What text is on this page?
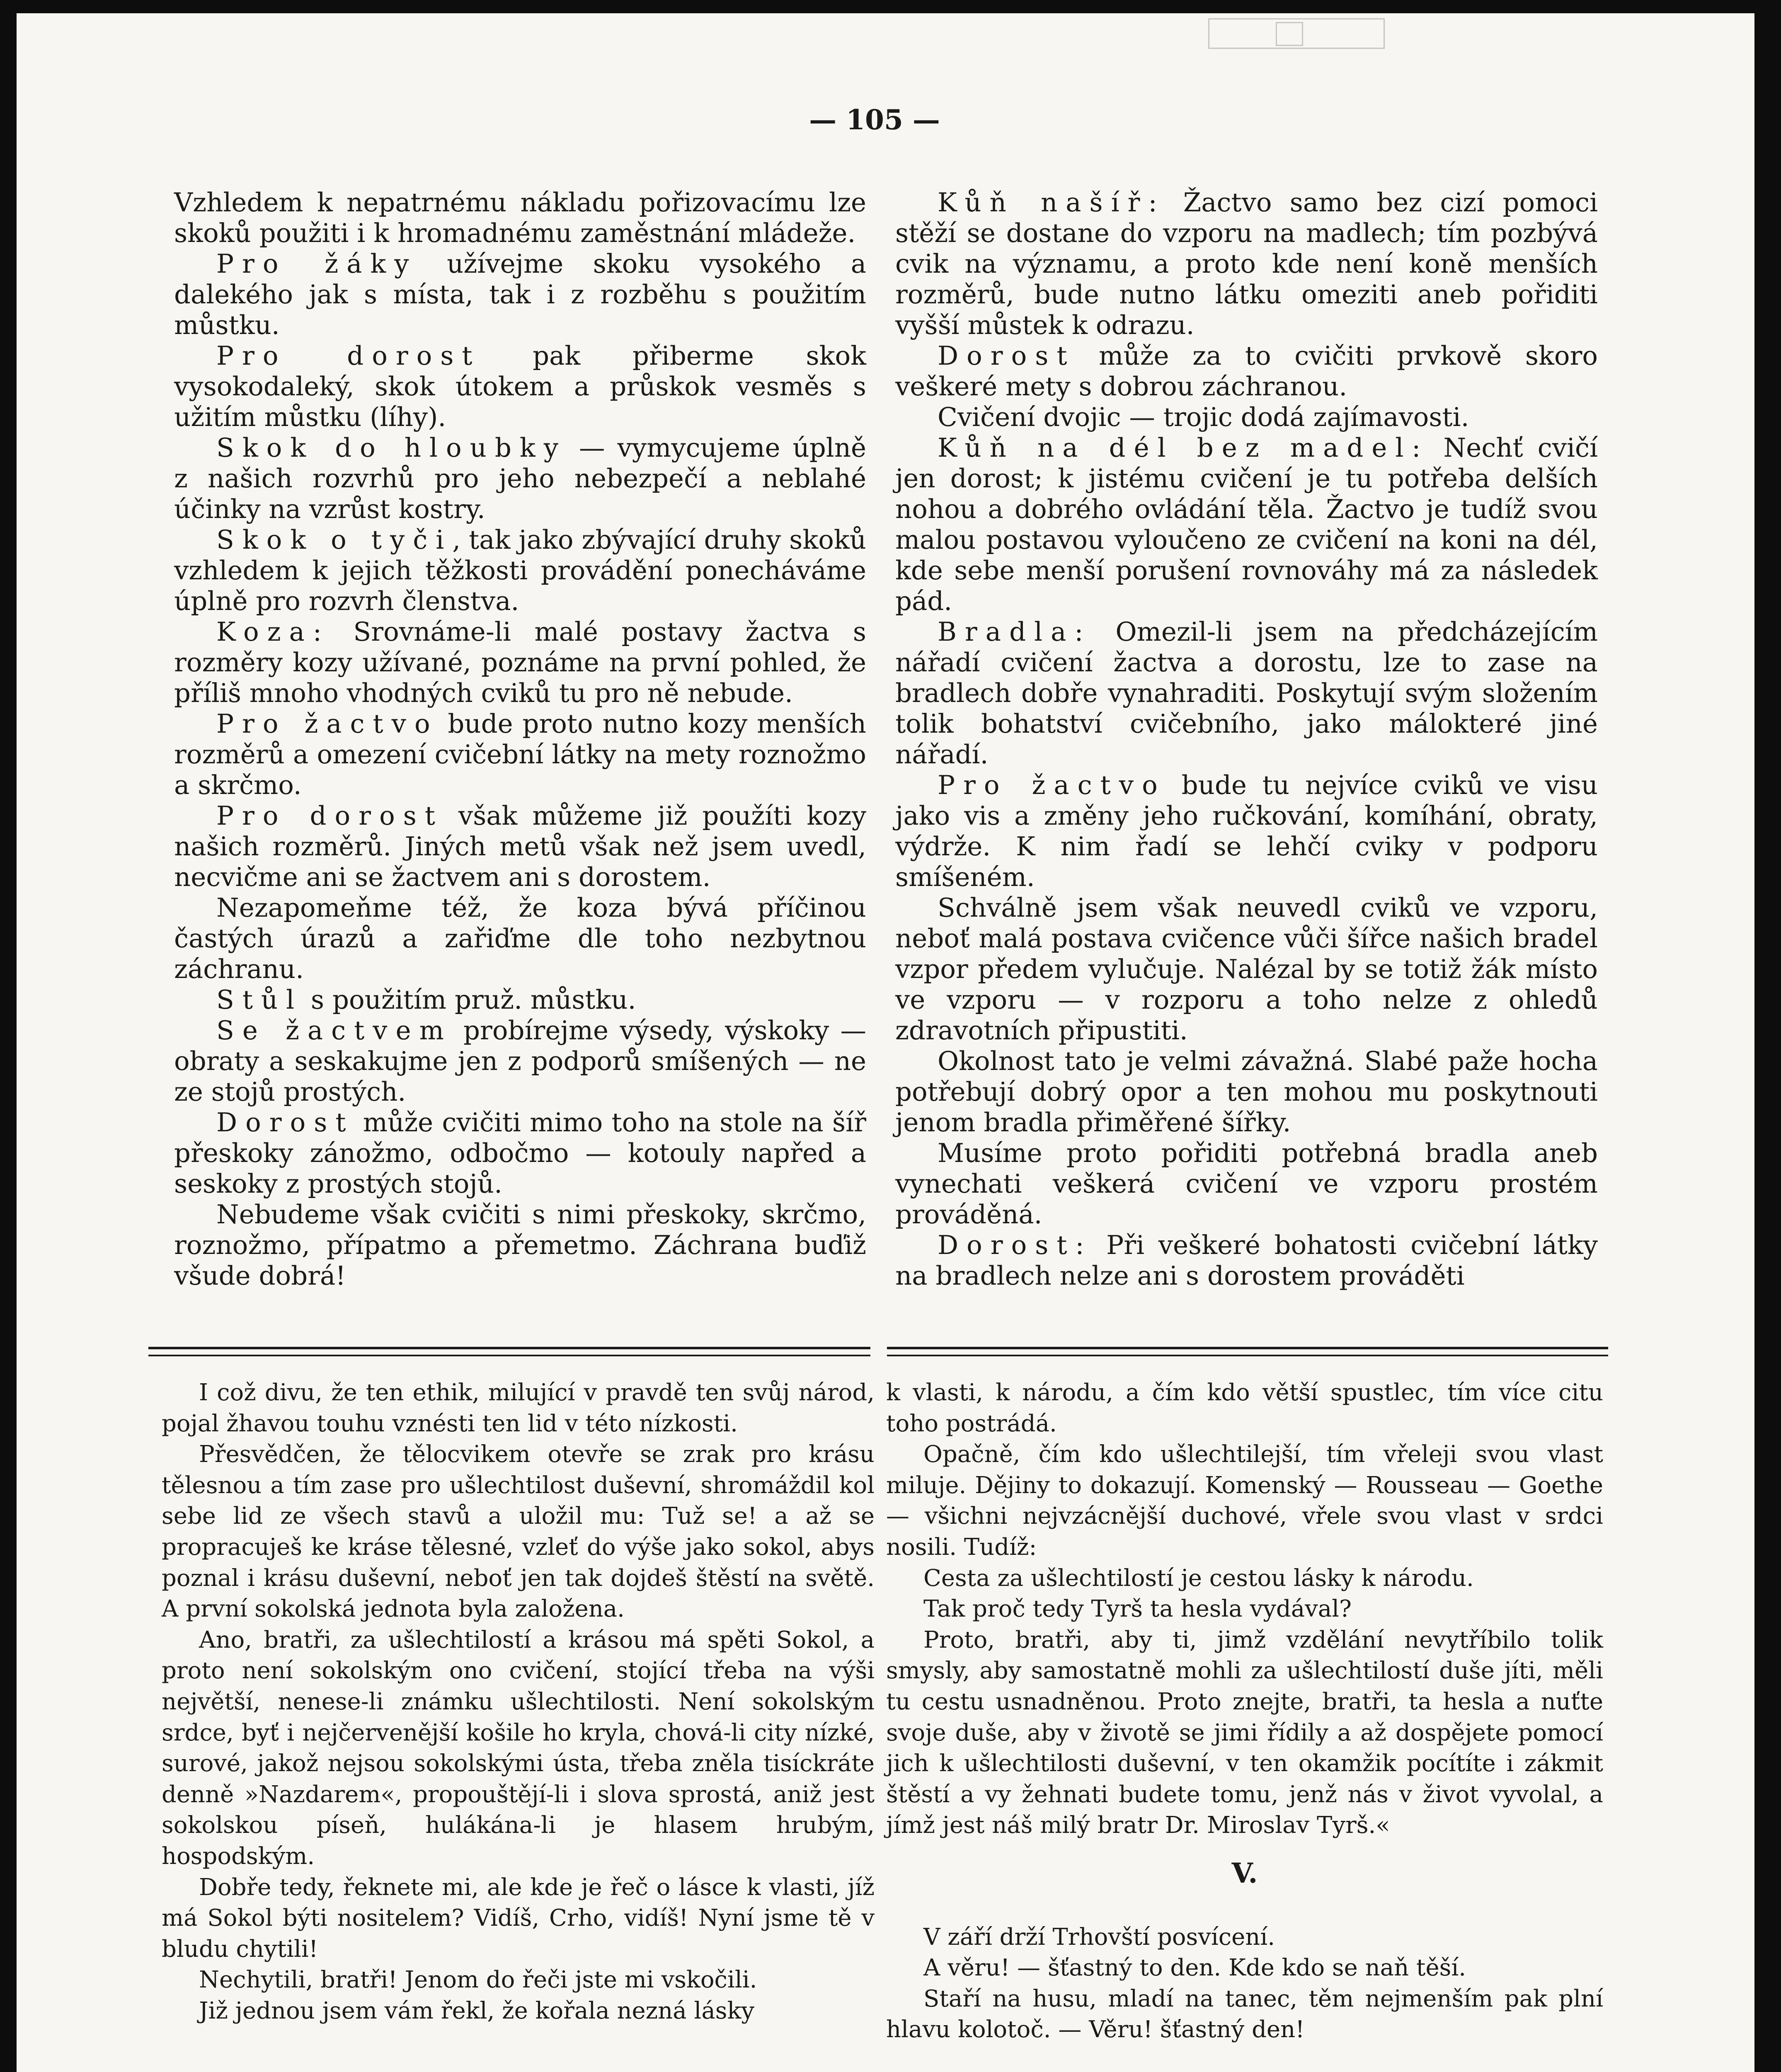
— 105 —

Vzhledem k nepatrnému nákladu pořizovacímu lze skoků použiti i k hromadnému zaměstnání mládeže.

Pro žáky užívejme skoku vysokého a dalekého jak s místa, tak i z rozběhu s použitím můstku.

Pro dorost pak přiberme skok vysokodaleký, skok útokem a průskok vesměs s užitím můstku (líhy).

Skok do hloubky — vymycujeme úplně z našich rozvrhů pro jeho nebezpečí a neblahé účinky na vzrůst kostry.

Skok o tyči, tak jako zbývající druhy skoků vzhledem k jejich těžkosti provádění ponecháváme úplně pro rozvrh členstva.

Koza: Srovnáme-li malé postavy žactva s rozměry kozy užívané, poznáme na první pohled, že příliš mnoho vhodných cviků tu pro ně nebude.

Pro žactvo bude proto nutno kozy menších rozměrů a omezení cvičební látky na mety roznožmo a skrčmo.

Pro dorost však můžeme již použíti kozy našich rozměrů. Jiných metů však než jsem uvedl, necvičme ani se žactvem ani s dorostem.

Nezapomeňme též, že koza bývá příčinou častých úrazů a zařiďme dle toho nezbytnou záchranu.

Stůl s použitím pruž. můstku.

Se žactvem probírejme výsedy, výskoky — obraty a seskakujme jen z podporů smíšených — ne ze stojů prostých.

Dorost může cvičiti mimo toho na stole na šíř přeskoky zánožmo, odbočmo — kotouly napřed a seskoky z prostých stojů.

Nebudeme však cvičiti s nimi přeskoky, skrčmo, roznožmo, přípatmo a přemetmo. Záchrana buďiž všude dobrá!

Kůň našíř: Žactvo samo bez cizí pomoci stěží se dostane do vzporu na madlech; tím pozbývá cvik na významu, a proto kde není koně menších rozměrů, bude nutno látku omeziti aneb pořiditi vyšší můstek k odrazu.

Dorost může za to cvičiti prvkově skoro veškeré mety s dobrou záchranou.

Cvičení dvojic — trojic dodá zajímavosti.

Kůň na dél bez madel: Nechť cvičí jen dorost; k jistému cvičení je tu potřeba delších nohou a dobrého ovládání těla. Žactvo je tudíž svou malou postavou vyloučeno ze cvičení na koni na dél, kde sebe menší porušení rovnováhy má za následek pád.

Bradla: Omezil-li jsem na předcházejícím nářadí cvičení žactva a dorostu, lze to zase na bradlech dobře vynahraditi. Poskytují svým složením tolik bohatství cvičebního, jako málokteré jiné nářadí.

Pro žactvo bude tu nejvíce cviků ve visu jako vis a změny jeho ručkování, komíhání, obraty, výdrže. K nim řadí se lehčí cviky v podporu smíšeném.

Schválně jsem však neuvedl cviků ve vzporu, neboť malá postava cvičence vůči šířce našich bradel vzpor předem vylučuje. Nalézal by se totiž žák místo ve vzporu — v rozporu a toho nelze z ohledů zdravotních připustiti.

Okolnost tato je velmi závažná. Slabé paže hocha potřebují dobrý opor a ten mohou mu poskytnouti jenom bradla přiměřené šířky.

Musíme proto pořiditi potřebná bradla aneb vynechati veškerá cvičení ve vzporu prostém prováděná.

Dorost: Při veškeré bohatosti cvičební látky na bradlech nelze ani s dorostem prováděti

I což divu, že ten ethik, milující v pravdě ten svůj národ, pojal žhavou touhu vznésti ten lid v této nízkosti.

Přesvědčen, že tělocvikem otevře se zrak pro krásu tělesnou a tím zase pro ušlechtilost duševní, shromáždil kol sebe lid ze všech stavů a uložil mu: Tuž se! a až se propracuješ ke kráse tělesné, vzleť do výše jako sokol, abys poznal i krásu duševní, neboť jen tak dojdeš štěstí na světě. A první sokolská jednota byla založena.

Ano, bratři, za ušlechtilostí a krásou má spěti Sokol, a proto není sokolským ono cvičení, stojící třeba na výši největší, nenese-li známku ušlechtilosti. Není sokolským srdce, byť i nejčervenější košile ho kryla, chová-li city nízké, surové, jakož nejsou sokolskými ústa, třeba zněla tisíckráte denně »Nazdarem«, propouštějí-li i slova sprostá, aniž jest sokolskou píseň, hulákána-li je hlasem hrubým, hospodským.

Dobře tedy, řeknete mi, ale kde je řeč o lásce k vlasti, jíž má Sokol býti nositelem? Vidíš, Crho, vidíš! Nyní jsme tě v bludu chytili!

Nechytili, bratři! Jenom do řeči jste mi vskočili.

Již jednou jsem vám řekl, že kořala nezná lásky

k vlasti, k národu, a čím kdo větší spustlec, tím více citu toho postrádá.

Opačně, čím kdo ušlechtilejší, tím vřeleji svou vlast miluje. Dějiny to dokazují. Komenský — Rousseau — Goethe — všichni nejvzácnější duchové, vřele svou vlast v srdci nosili. Tudíž:

Cesta za ušlechtilostí je cestou lásky k národu.

Tak proč tedy Tyrš ta hesla vydával?

Proto, bratři, aby ti, jimž vzdělání nevytříbilo tolik smysly, aby samostatně mohli za ušlechtilostí duše jíti, měli tu cestu usnadněnou. Proto znejte, bratři, ta hesla a nuťte svoje duše, aby v životě se jimi řídily a až dospějete pomocí jich k ušlechtilosti duševní, v ten okamžik pocítíte i zákmit štěstí a vy žehnati budete tomu, jenž nás v život vyvolal, a jímž jest náš milý bratr Dr. Miroslav Tyrš.«

V.

V září drží Trhovští posvícení.

A věru! — šťastný to den. Kde kdo se naň těší.

Staří na husu, mladí na tanec, těm nejmenším pak plní hlavu kolotoč. — Věru! šťastný den!
